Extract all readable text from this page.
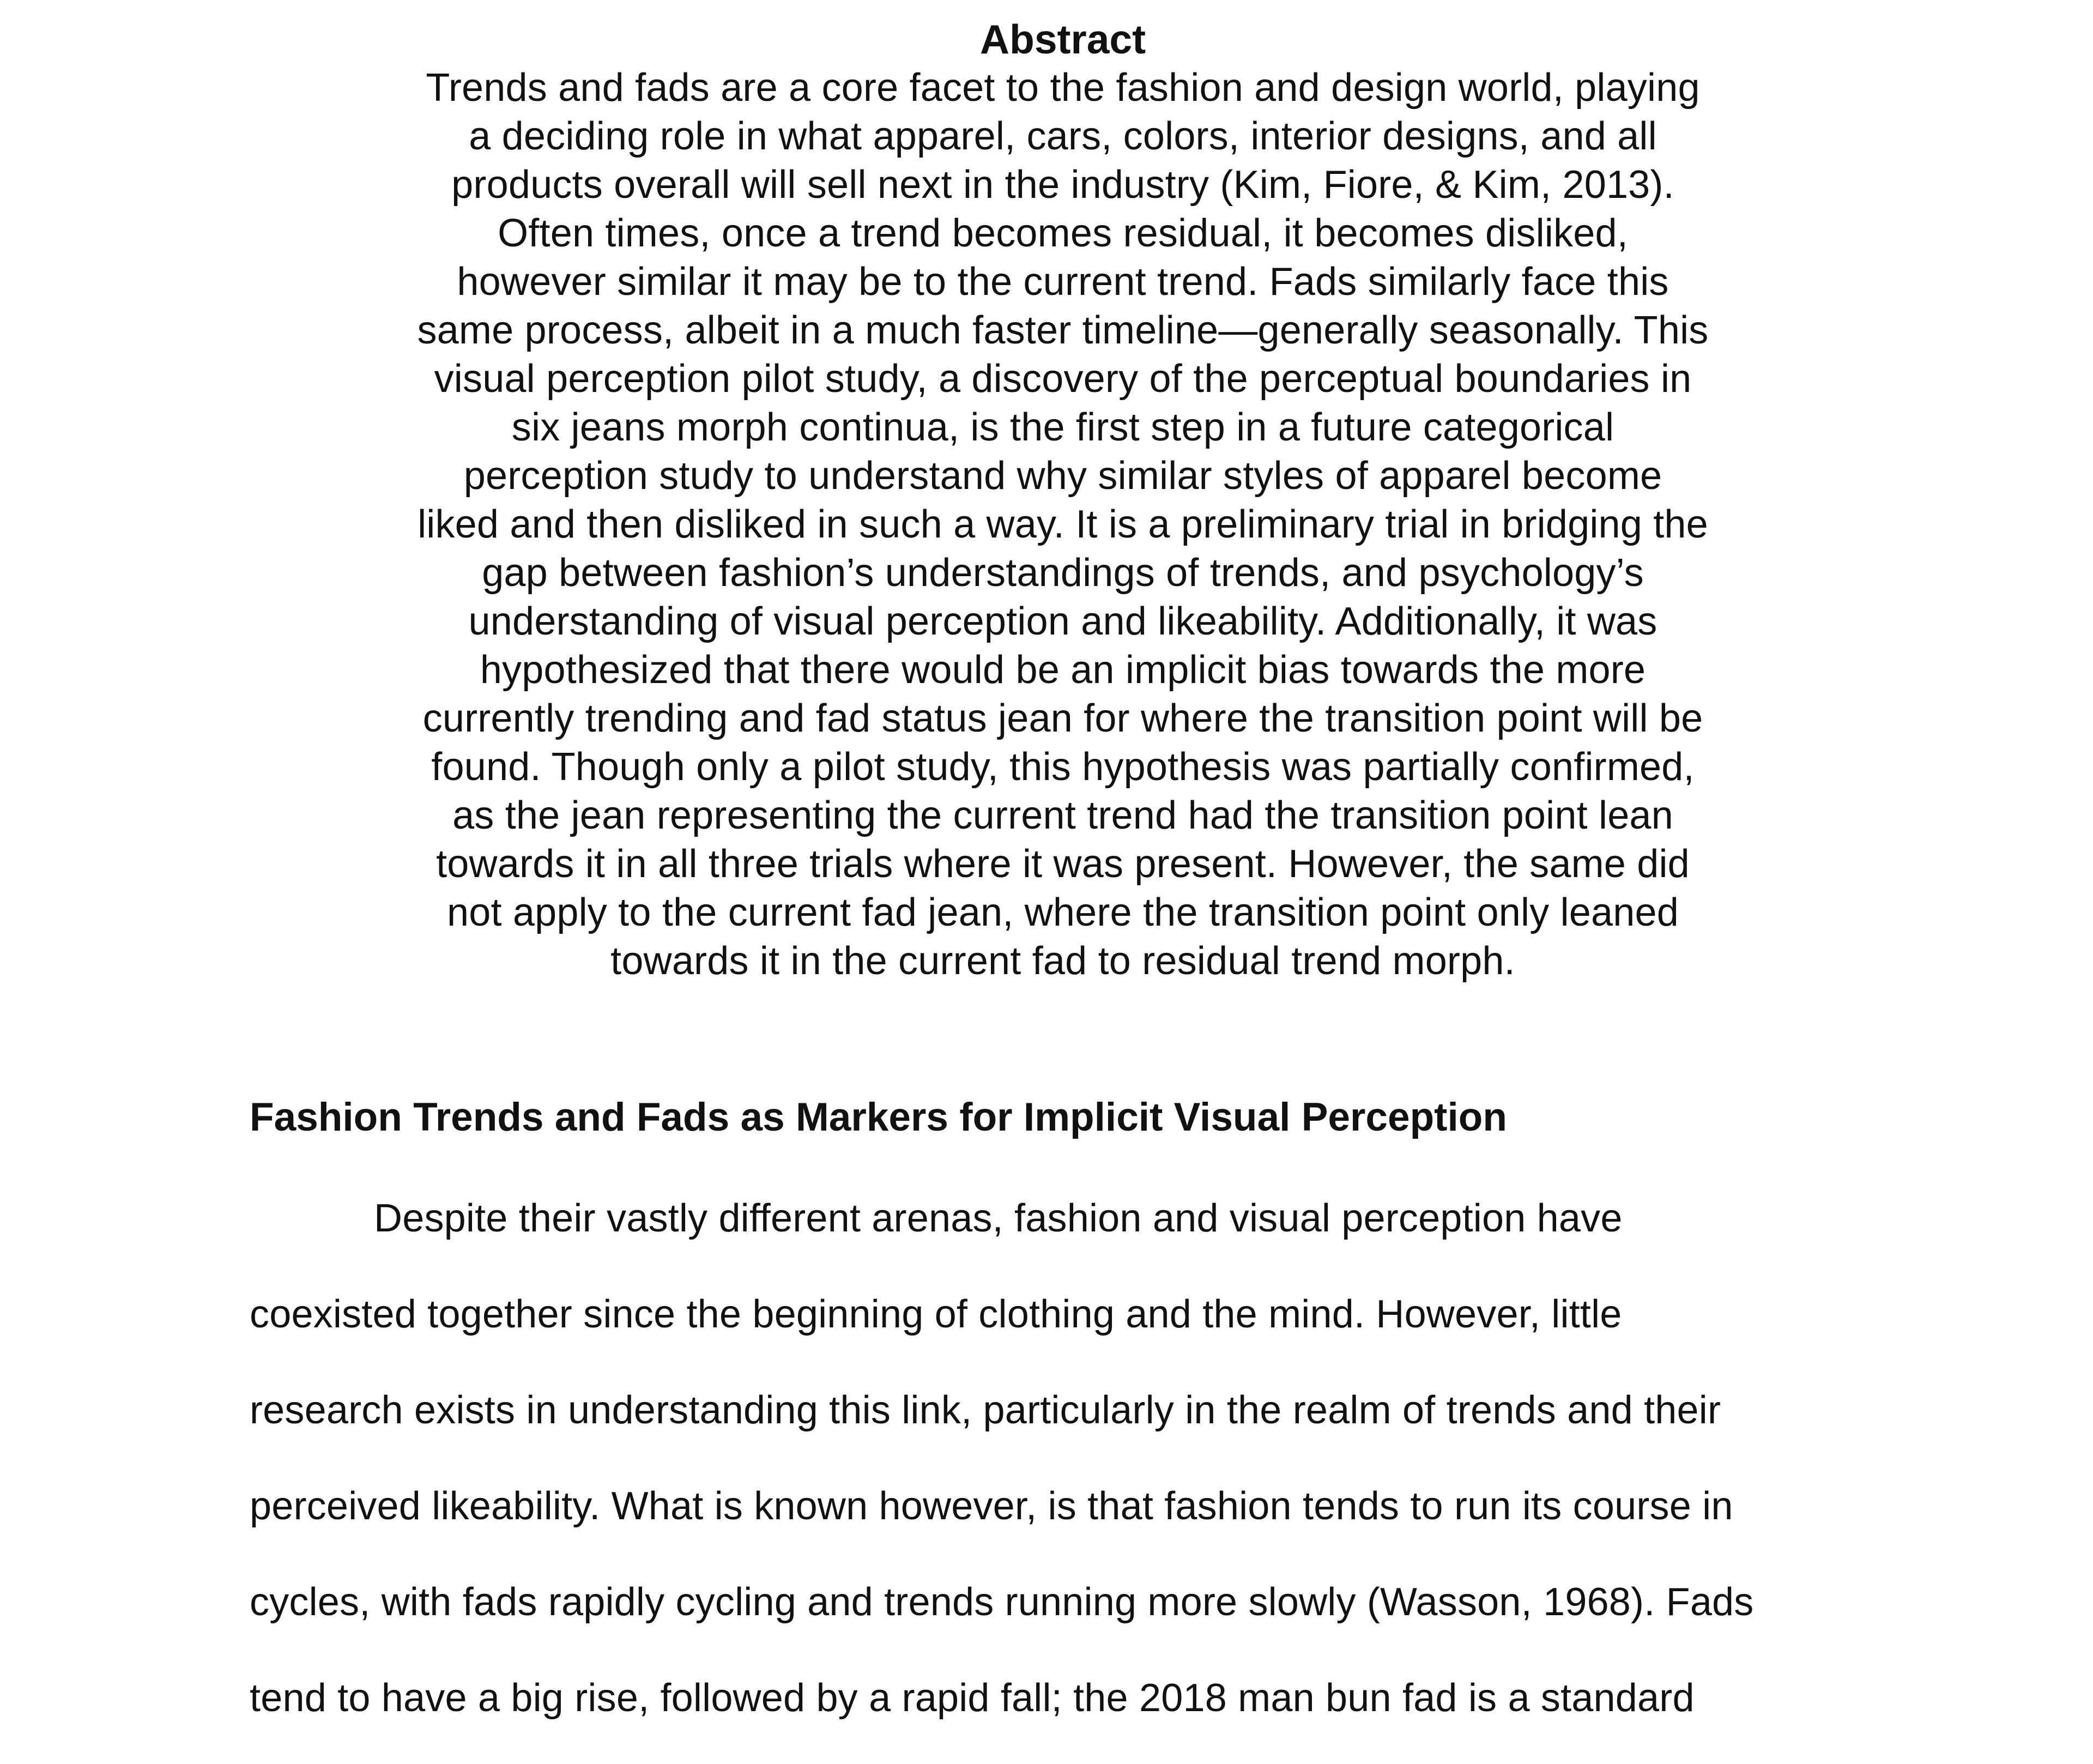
Abstract
Trends and fads are a core facet to the fashion and design world, playing
a deciding role in what apparel, cars, colors, interior designs, and all
products overall will sell next in the industry (Kim, Fiore, & Kim, 2013).
Often times, once a trend becomes residual, it becomes disliked,
however similar it may be to the current trend. Fads similarly face this
same process, albeit in a much faster timeline—generally seasonally. This
visual perception pilot study, a discovery of the perceptual boundaries in
six jeans morph continua, is the first step in a future categorical
perception study to understand why similar styles of apparel become
liked and then disliked in such a way. It is a preliminary trial in bridging the
gap between fashion’s understandings of trends, and psychology’s
understanding of visual perception and likeability. Additionally, it was
hypothesized that there would be an implicit bias towards the more
currently trending and fad status jean for where the transition point will be
found. Though only a pilot study, this hypothesis was partially confirmed,
as the jean representing the current trend had the transition point lean
towards it in all three trials where it was present. However, the same did
not apply to the current fad jean, where the transition point only leaned
towards it in the current fad to residual trend morph.
Fashion Trends and Fads as Markers for Implicit Visual Perception
Despite their vastly different arenas, fashion and visual perception have
coexisted together since the beginning of clothing and the mind. However, little
research exists in understanding this link, particularly in the realm of trends and their
perceived likeability. What is known however, is that fashion tends to run its course in
cycles, with fads rapidly cycling and trends running more slowly (Wasson, 1968). Fads
tend to have a big rise, followed by a rapid fall; the 2018 man bun fad is a standard
